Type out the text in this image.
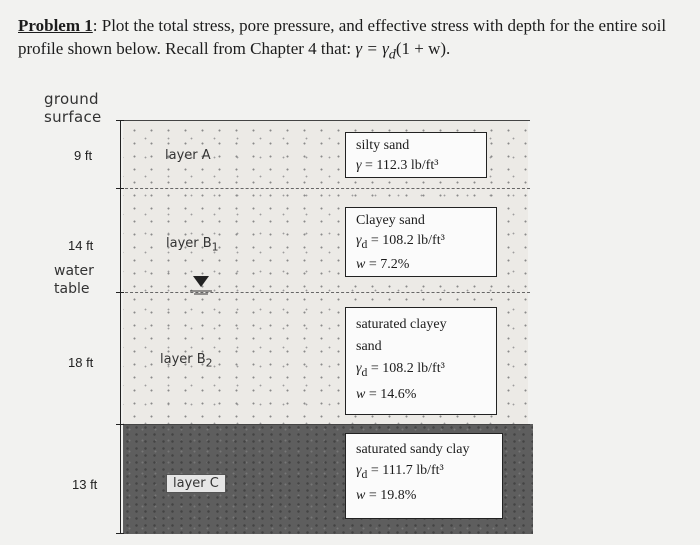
Problem 1: Plot the total stress, pore pressure, and effective stress with depth for the entire soil profile shown below. Recall from Chapter 4 that: $\gamma = \gamma_d(1 + w)$.
ground
surface
9 ft
14 ft
water
table
18 ft
13 ft
layer A
layer $B_1$
layer $B_2$
layer C
silty sand
γ = 112.3 lb/ft³
Clayey sand
$\gamma_d = 108.2$ lb/ft³
w = 7.2%
saturated clayey
sand
$\gamma_d = 108.2$ lb/ft³
w = 14.6%
saturated sandy clay
$\gamma_d = 111.7$ lb/ft³
w = 19.8%
